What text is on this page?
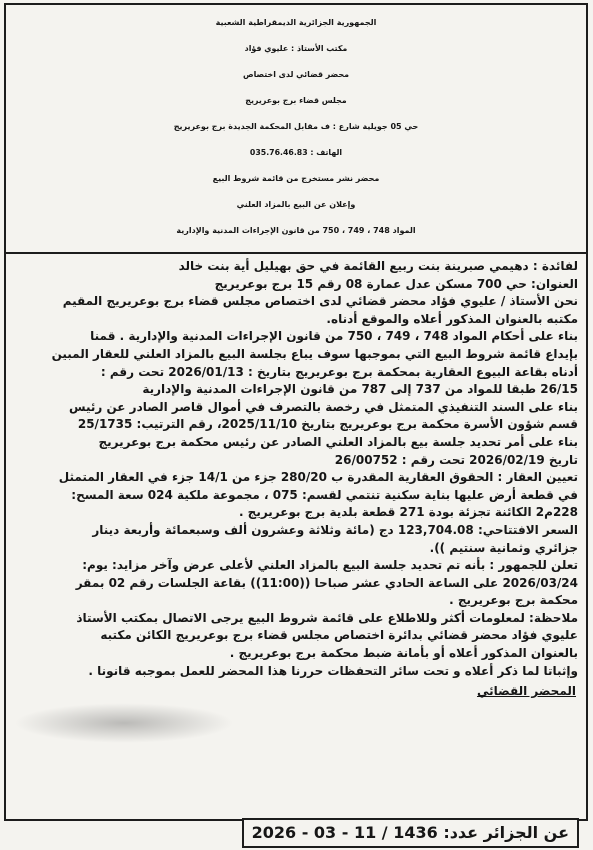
الجمهورية الجزائرية الديمقراطية الشعبية
مكتب الأستاذ : عليوي فؤاد
محضر قضائي لدى اختصاص
مجلس قضاء برج بوعريريج
حي 05 جويلية شارع : ف مقابل المحكمة الجديدة برج بوعريريج
الهاتف : 035.76.46.83
محضر نشر مستخرج من قائمة شروط البيع
وإعلان عن البيع بالمزاد العلني
المواد 748 ، 749 ، 750 من قانون الإجراءات المدنية والإدارية
لفائدة : دهيمي صبرينة بنت ربيع القائمة في حق بهيليل أية بنت خالد
العنوان: حي 700 مسكن عدل عمارة 08 رقم 15 برج بوعريريج
نحن الأستاذ / عليوي فؤاد محضر قضائي لدى اختصاص مجلس قضاء برج بوعريريج المقيم
مكتبه بالعنوان المذكور أعلاه والموقع أدناه.
بناء على أحكام المواد 748 ، 749 ، 750 من قانون الإجراءات المدنية والإدارية . قمنا
بإيداع قائمة شروط البيع التي بموجبها سوف يباع بجلسة البيع بالمزاد العلني للعقار المبين
أدناه بقاعة البيوع العقارية بمحكمة برج بوعريريج بتاريخ : 2026/01/13 تحت رقم :
26/15 طبقا للمواد من 737 إلى 787 من قانون الإجراءات المدنية والإدارية
بناء على السند التنفيذي المتمثل في رخصة بالتصرف في أموال قاصر الصادر عن رئيس
قسم شؤون الأسرة محكمة برج بوعريريج بتاريخ 2025/11/10، رقم الترتيب: 25/1735
بناء على أمر تحديد جلسة بيع بالمزاد العلني الصادر عن رئيس محكمة برج بوعريريج
تاريخ 2026/02/19 تحت رقم : 26/00752
تعيين العقار : الحقوق العقارية المقدرة ب 280/20 جزء من 14/1 جزء في العقار المتمثل
في قطعة أرض عليها بناية سكنية تنتمي لقسم: 075 ، مجموعة ملكية 024 سعة المسح:
228م2 الكائنة تجزئة بودة 271 قطعة بلدية برج بوعريريج .
السعر الافتتاحي: 123,704.08 دج (مائة وثلاثة وعشرون ألف وسبعمائة وأربعة دينار
جزائري وثمانية سنتيم )).
تعلن للجمهور : بأنه تم تحديد جلسة البيع بالمزاد العلني لأعلى عرض وآخر مزايد: يوم:
2026/03/24 على الساعة الحادي عشر صباحا ((11:00)) بقاعة الجلسات رقم 02 بمقر
محكمة برج بوعريريج .
ملاحظة: لمعلومات أكثر وللاطلاع على قائمة شروط البيع يرجى الاتصال بمكتب الأستاذ
عليوي فؤاد محضر قضائي بدائرة اختصاص مجلس قضاء برج بوعريريج الكائن مكتبه
بالعنوان المذكور أعلاه أو بأمانة ضبط محكمة برج بوعريريج .
وإثباتا لما ذكر أعلاه و تحت سائر التحفظات حررنا هذا المحضر للعمل بموجبه قانونا .
المحضر القضائي
عن الجزائر عدد: 1436 / 11 - 03 - 2026
